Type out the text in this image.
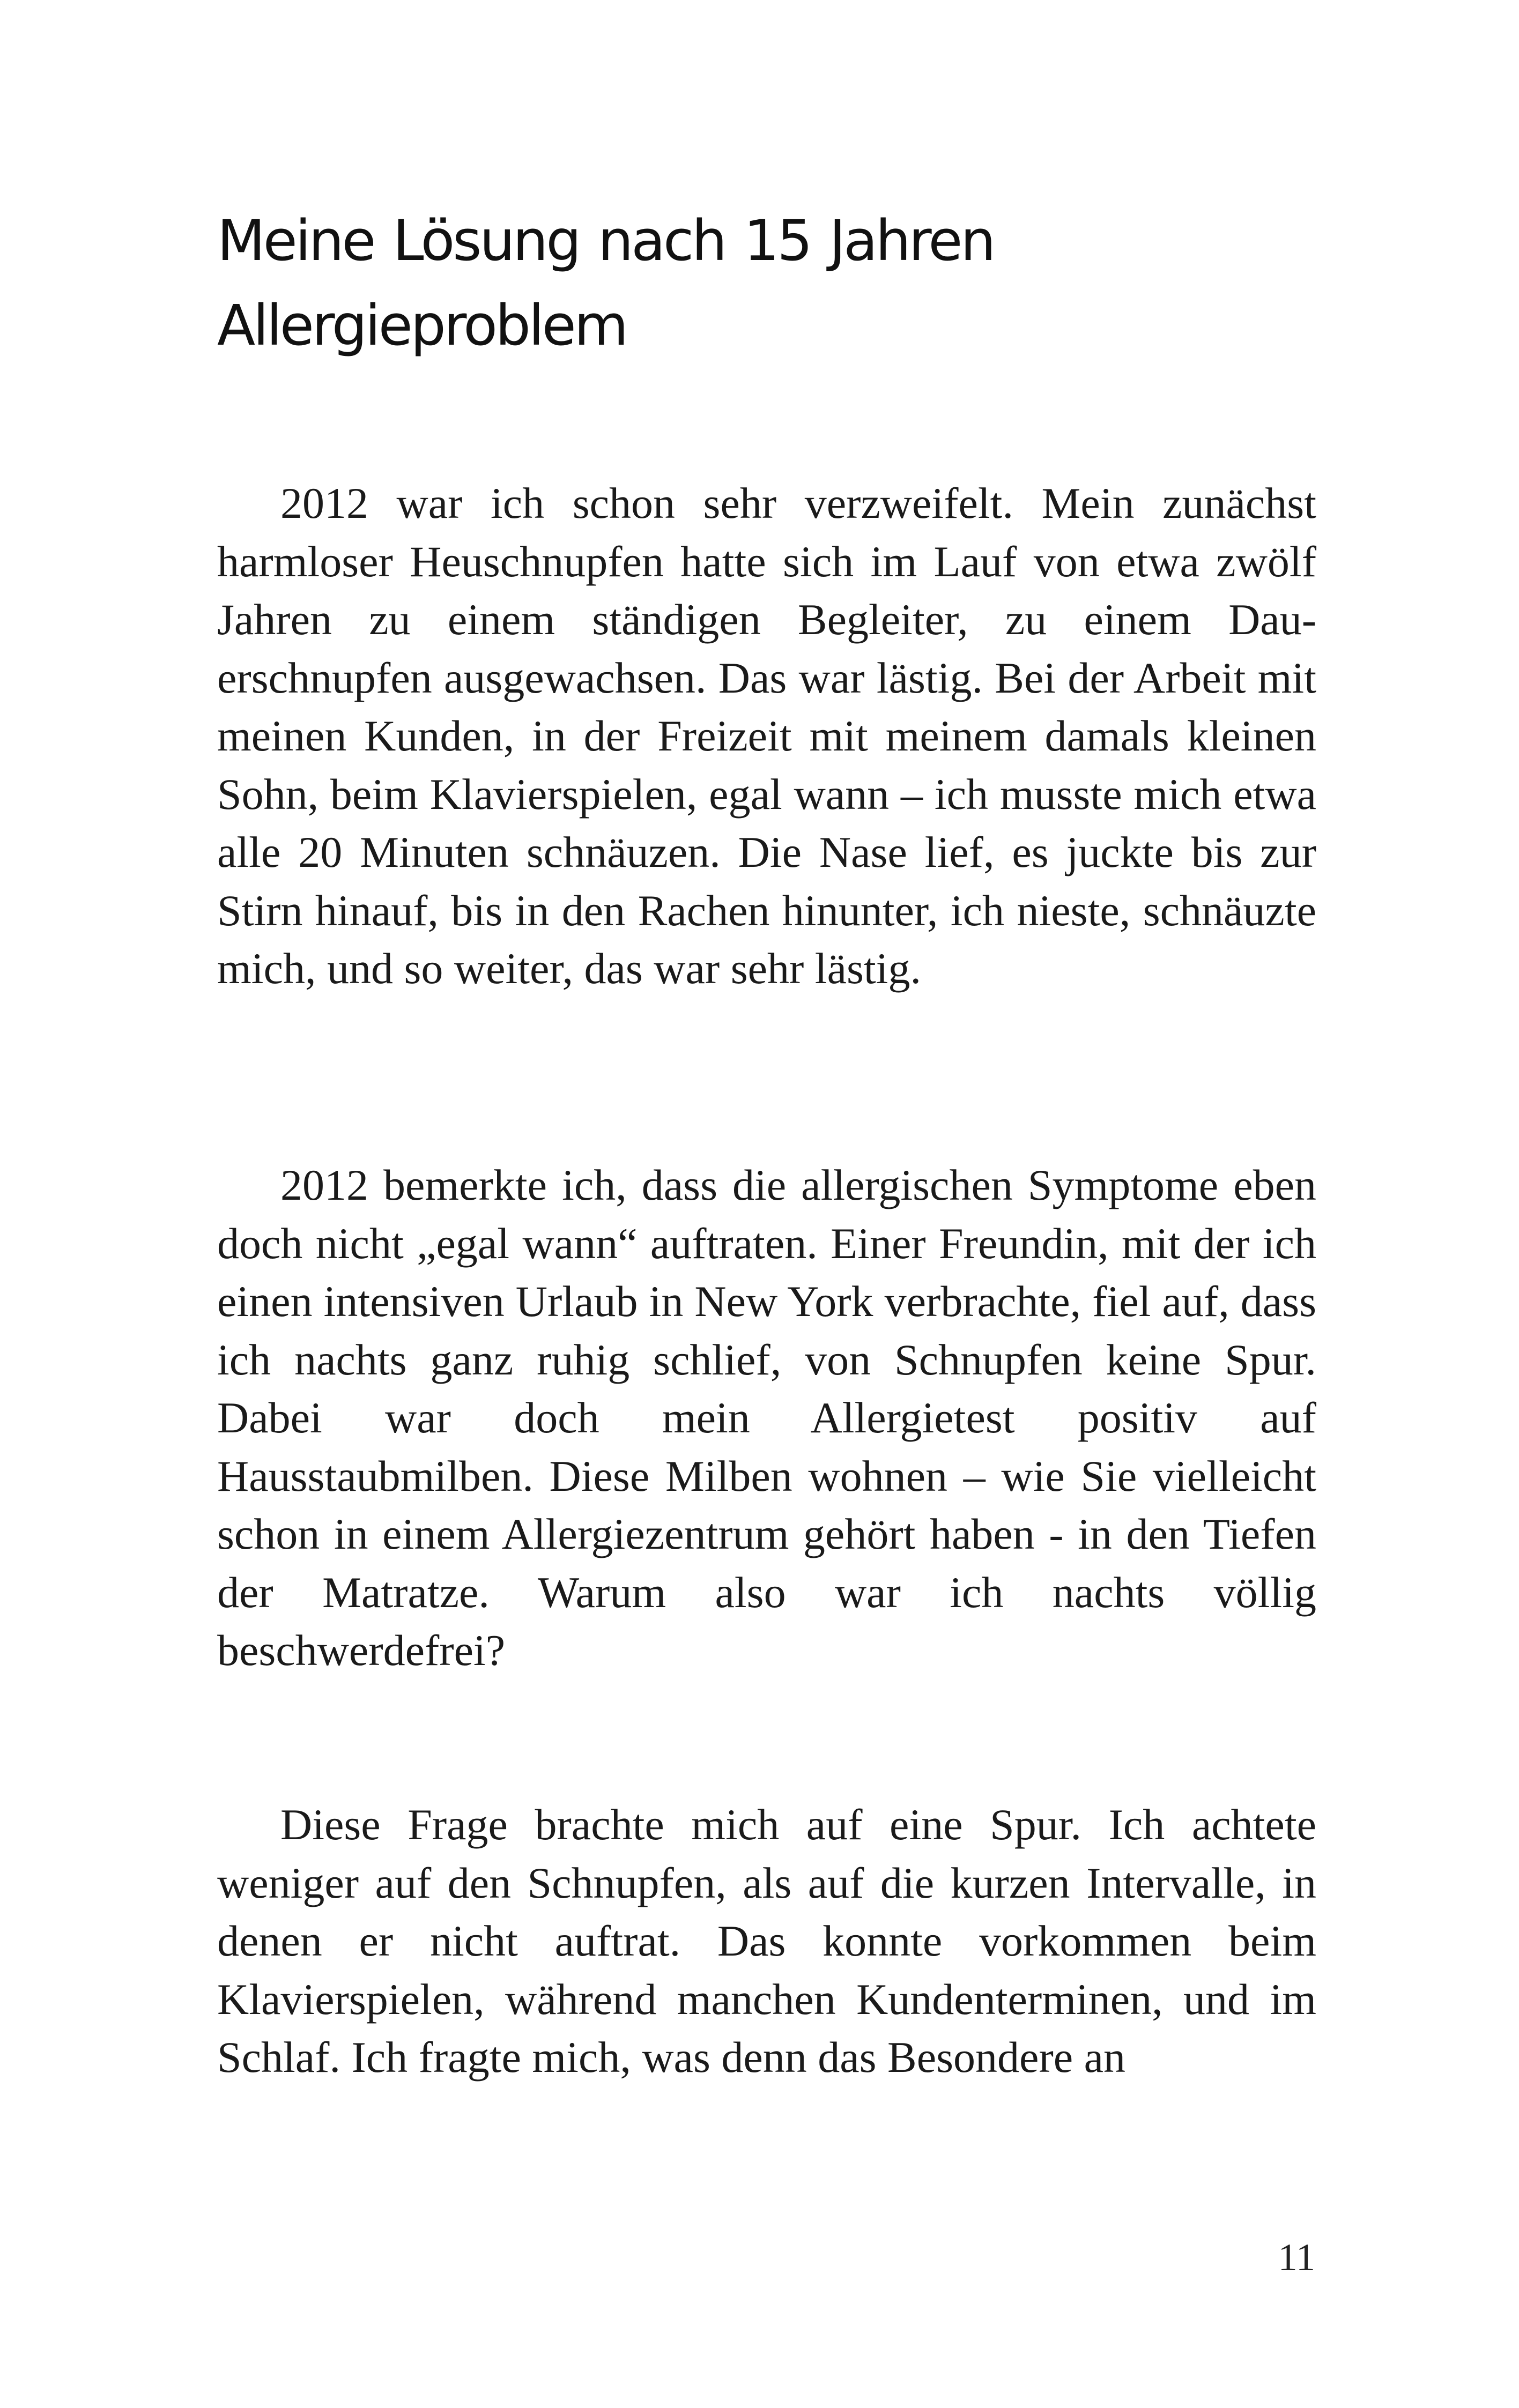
Meine Lösung nach 15 Jahren Allergieproblem

2012 war ich schon sehr verzweifelt. Mein zunächst harmloser Heuschnupfen hatte sich im Lauf von etwa zwölf Jahren zu einem ständigen Begleiter, zu einem Dauerschnupfen ausgewachsen. Das war lästig. Bei der Arbeit mit meinen Kunden, in der Freizeit mit meinem damals kleinen Sohn, beim Klavierspielen, egal wann – ich musste mich etwa alle 20 Minuten schnäuzen. Die Nase lief, es juckte bis zur Stirn hinauf, bis in den Rachen hinunter, ich nieste, schnäuzte mich, und so weiter, das war sehr lästig.

2012 bemerkte ich, dass die allergischen Symptome eben doch nicht „egal wann“ auftraten. Einer Freundin, mit der ich einen intensiven Urlaub in New York verbrachte, fiel auf, dass ich nachts ganz ruhig schlief, von Schnupfen keine Spur. Dabei war doch mein Allergietest positiv auf Hausstaubmilben. Diese Milben wohnen – wie Sie vielleicht schon in einem Allergiezentrum gehört haben - in den Tiefen der Matratze. Warum also war ich nachts völlig beschwerdefrei?

Diese Frage brachte mich auf eine Spur. Ich achtete weniger auf den Schnupfen, als auf die kurzen Intervalle, in denen er nicht auftrat. Das konnte vorkommen beim Klavierspielen, während manchen Kundenterminen, und im Schlaf. Ich fragte mich, was denn das Besondere an

11
